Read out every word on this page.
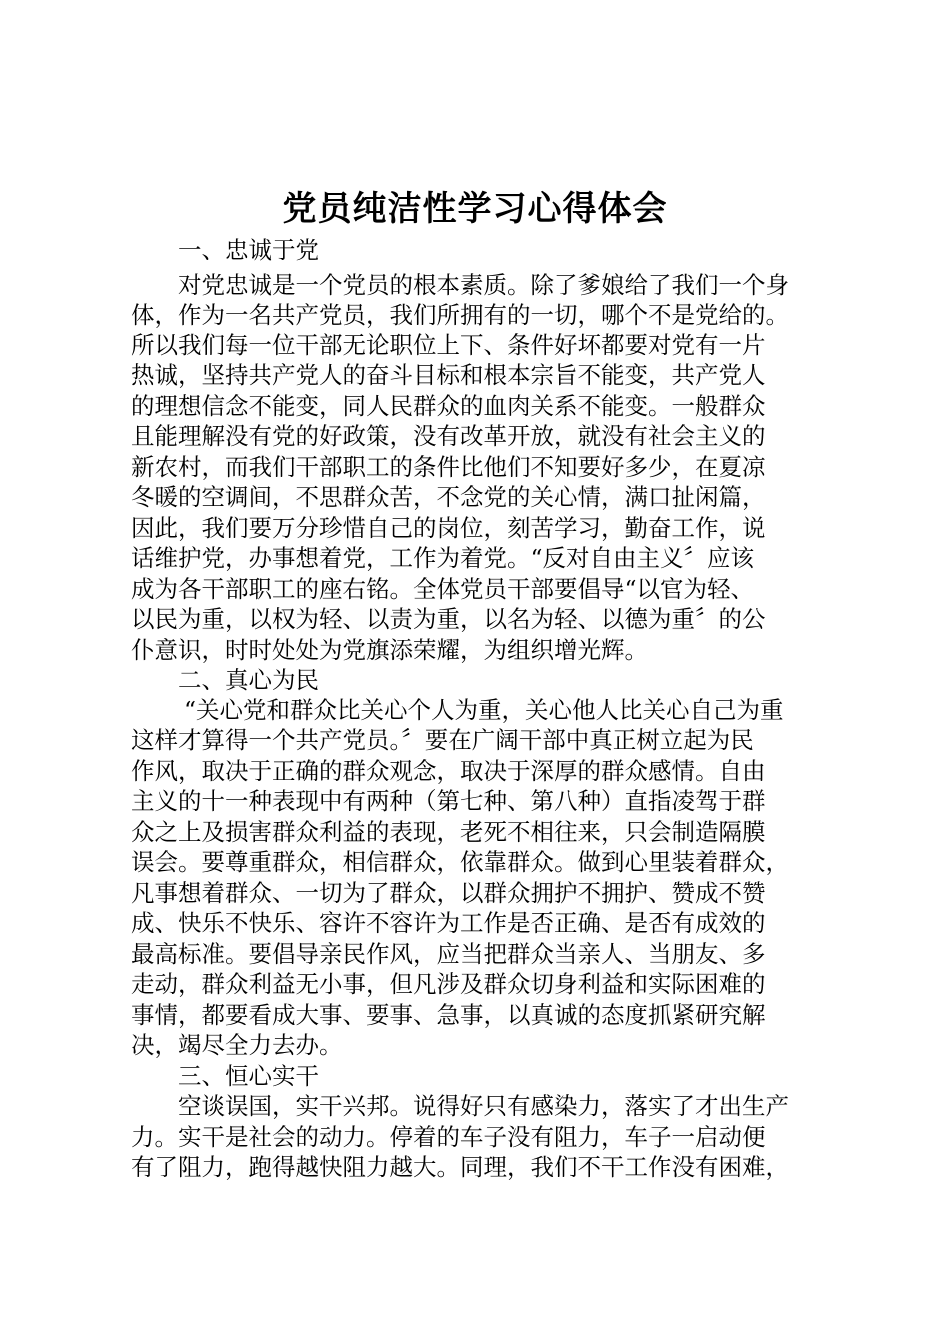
党员纯洁性学习心得体会
一、忠诚于党
对党忠诚是一个党员的根本素质。除了爹娘给了我们一个身
体，作为一名共产党员，我们所拥有的一切，哪个不是党给的。
所以我们每一位干部无论职位上下、条件好坏都要对党有一片
热诚，坚持共产党人的奋斗目标和根本宗旨不能变，共产党人
的理想信念不能变，同人民群众的血肉关系不能变。一般群众
且能理解没有党的好政策，没有改革开放，就没有社会主义的
新农村，而我们干部职工的条件比他们不知要好多少，在夏凉
冬暖的空调间，不思群众苦，不念党的关心情，满口扯闲篇，
因此，我们要万分珍惜自己的岗位，刻苦学习，勤奋工作，说
话维护党，办事想着党，工作为着党。“反对自由主义〞应该
成为各干部职工的座右铭。全体党员干部要倡导“以官为轻、
以民为重，以权为轻、以责为重，以名为轻、以德为重〞的公
仆意识，时时处处为党旗添荣耀，为组织增光辉。
二、真心为民
“关心党和群众比关心个人为重，关心他人比关心自己为重
这样才算得一个共产党员。〞要在广阔干部中真正树立起为民
作风，取决于正确的群众观念，取决于深厚的群众感情。自由
主义的十一种表现中有两种（第七种、第八种）直指凌驾于群
众之上及损害群众利益的表现，老死不相往来，只会制造隔膜
误会。要尊重群众，相信群众，依靠群众。做到心里装着群众，
凡事想着群众、一切为了群众，以群众拥护不拥护、赞成不赞
成、快乐不快乐、容许不容许为工作是否正确、是否有成效的
最高标准。要倡导亲民作风，应当把群众当亲人、当朋友、多
走动，群众利益无小事，但凡涉及群众切身利益和实际困难的
事情，都要看成大事、要事、急事，以真诚的态度抓紧研究解
决，竭尽全力去办。
三、恒心实干
空谈误国，实干兴邦。说得好只有感染力，落实了才出生产
力。实干是社会的动力。停着的车子没有阻力，车子一启动便
有了阻力，跑得越快阻力越大。同理，我们不干工作没有困难，
